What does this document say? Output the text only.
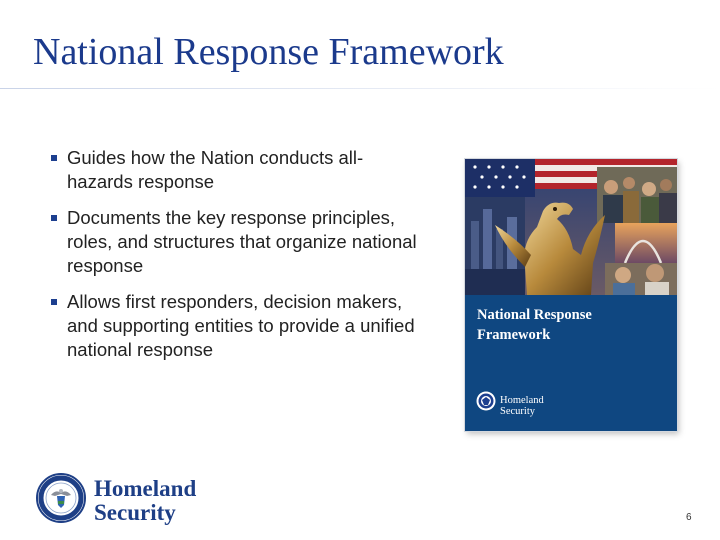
National Response Framework
Guides how the Nation conducts all-hazards response
Documents the key response principles, roles, and structures that organize national response
Allows first responders, decision makers, and supporting entities to provide a unified national response
National Response
Framework
Homeland
Security
Homeland
Security	6
